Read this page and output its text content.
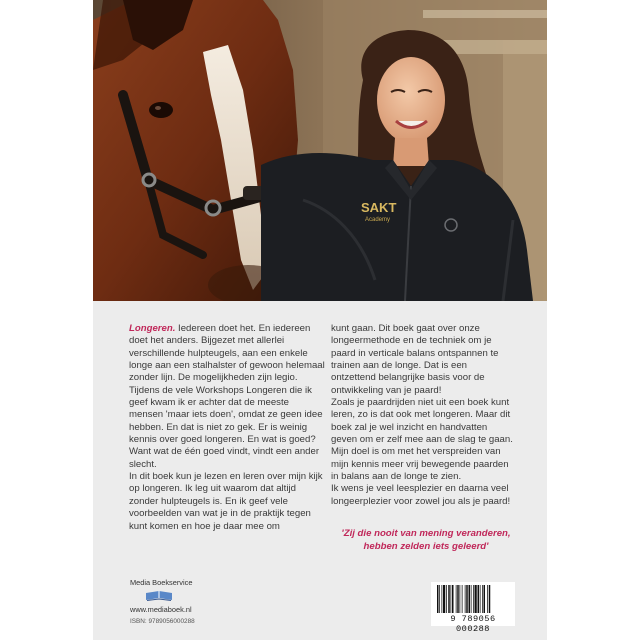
SAKT
Academy

Longeren. Iedereen doet het. En iedereen doet het anders. Bijgezet met allerlei verschillende hulpteugels, aan een enkele longe aan een stalhalster of gewoon helemaal zonder lijn. De mogelijkheden zijn legio.

Tijdens de vele Workshops Longeren die ik geef kwam ik er achter dat de meeste mensen 'maar iets doen', omdat ze geen idee hebben. En dat is niet zo gek. Er is weinig kennis over goed longeren. En wat is goed? Want wat de één goed vindt, vindt een ander slecht.

In dit boek kun je lezen en leren over mijn kijk op longeren. Ik leg uit waarom dat altijd zonder hulpteugels is. En ik geef vele voorbeelden van wat je in de praktijk tegen kunt komen en hoe je daar mee om

kunt gaan. Dit boek gaat over onze longeermethode en de techniek om je paard in verticale balans ontspannen te trainen aan de longe. Dat is een ontzettend belangrijke basis voor de ontwikkeling van je paard!

Zoals je paardrijden niet uit een boek kunt leren, zo is dat ook met longeren. Maar dit boek zal je wel inzicht en handvatten geven om er zelf mee aan de slag te gaan. Mijn doel is om met het verspreiden van mijn kennis meer vrij bewegende paarden in balans aan de longe te zien.

Ik wens je veel leesplezier en daarna veel longeerplezier voor zowel jou als je paard!

'Zij die nooit van mening veranderen, hebben zelden iets geleerd'
Media Boekservice
www.mediaboek.nl
ISBN: 9789056000288	9 789056 000288
